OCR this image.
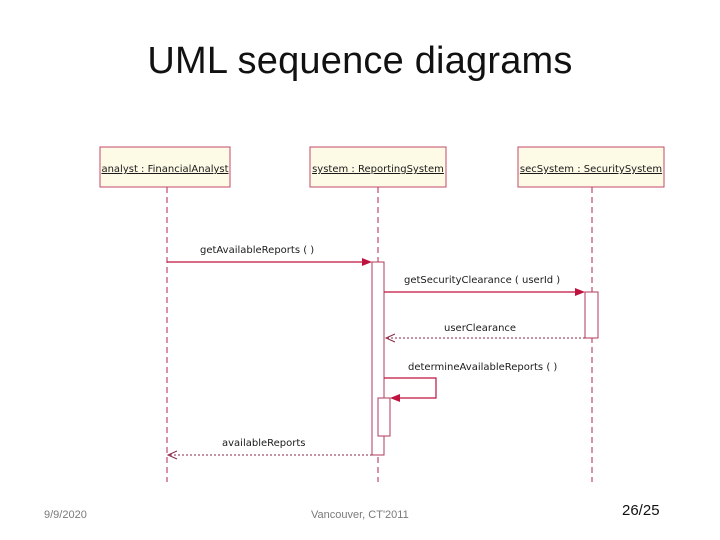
UML sequence diagrams
analyst : FinancialAnalyst	system : ReportingSystem	secSystem : SecuritySystem
getAvailableReports ( )
getSecurityClearance ( userId )
userClearance
determineAvailableReports ( )
availableReports
9/9/2020	Vancouver, CT'2011	26/25
